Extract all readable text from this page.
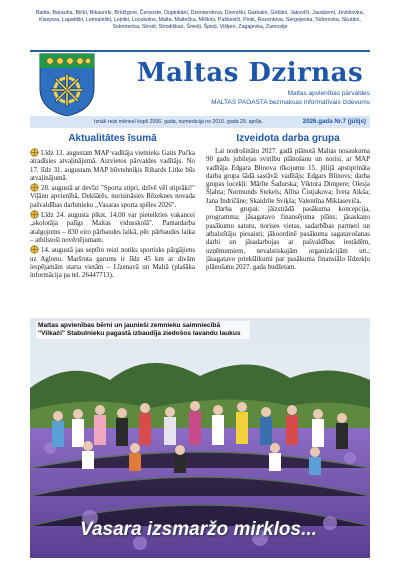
Balda, Barauha, Bičkī, Bikaunīki, Brīdžgoni, Čerņoste, Dupinkāni, Dzenierotova, Dzeniški, Garkalni, Grišāni, Jakovīči, Jaudzemi, Jevtišovka, Kisejova, Lapatiški, Leimaniški, Lejniki, Locukolns, Malta, Maltečka, Miškiņi, Paškeviči, Pinki, Rozentova, Sergejevka, Sidorovka, Skutāni, Solomenka, Strodi, Strodiškas, Šmeiļi, Špieļi, Višķeri, Zagajevka, Zamostje
Maltas Dzirnas
Maltas apvienības pārvaldes
MALTAS PAGASTA bezmaksas informatīvais izdevums
Iznāk reizi mēnesī kopš 2006. gada, numerācija no 2016. gada 29. aprīļa.	2026.gada Nr.7 (jūlijs)
Aktualitātes īsumā	Izveidota darba grupa

Līdz 13. augustam MAP vadītāja vietnieks Gatis Pučka atradīsies atvaļinājumā. Aizvietos pārvaldes vadītājs. No 17. līdz 31. augustam MAP būvtehniķis Rihards Litke būs atvaļinājumā.

28. augustā ar devīzi "Sporta stipri, dzīvē vēl stiprāki!" Viļānu apvienībā, Dekšārēs, norisināsies Rēzeknes novada pašvaldības darbinieku „Vasaras sporta spēles 2026".

Līdz 24. augusta plkst. 14.00 var pieteikties vakancei „skolotāja palīgs Maltas vidusskolā". Pamatdarba atalgojums – 830 eiro pārbaudes laikā, pēc pārbaudes laika – atbilstoši novērtējumam.

14. augustā jau septīto reizi notiks sportisks pārgājiens uz Aglonu. Maršruta garums ir līdz 45 km ar divām iespējamām starta vietām – Līzenavā un Maltā (plašāka informācija pa tel. 26447713).

Lai nodrošinātu 2027. gadā plānotā Maltas nosaukuma 90 gadu jubilejas svinību plānošanu un norisi, ar MAP vadītāja Edgara Blinova rīkojumu 15. jūlijā apstiprināta darba grupa šādā sastāvā: vadītājs: Edgars Blinovs; darba grupas locekļi: Mārīte Šadurska; Viktora Dimpere; Olesja Šļahta; Normunds Stekels; Alīna Čistjakova; Iveta Aikša; Jana Indričāne; Skaidrīte Sviķša; Valentīna Miklaseviča.

Darba grupai: jāizstrādā pasākuma koncepcija, programma; jāsagatavo finansējuma plāns; jāsaskaņo pasākumu saturu, norises vietas, sadarbības partneri un atbalstītāju piesaisti; jākoordinē pasākuma sagatavošanas darbi un jāsadarbojas ar pašvaldības iestādēm, uzņēmumiem, nevalstiskajām organizācijām utt.; jāsagatavo priekšlikumi par pasākuma finansiālo līdzekļu plānošanu 2027. gada budžetam.

Maltas apvienības bērni un jaunieši zemnieku saimniecībā "Vilkači" Stabulnieku pagastā izbaudīja ziedošos lavandu laukus
Vasara izsmaržo mirklos...
